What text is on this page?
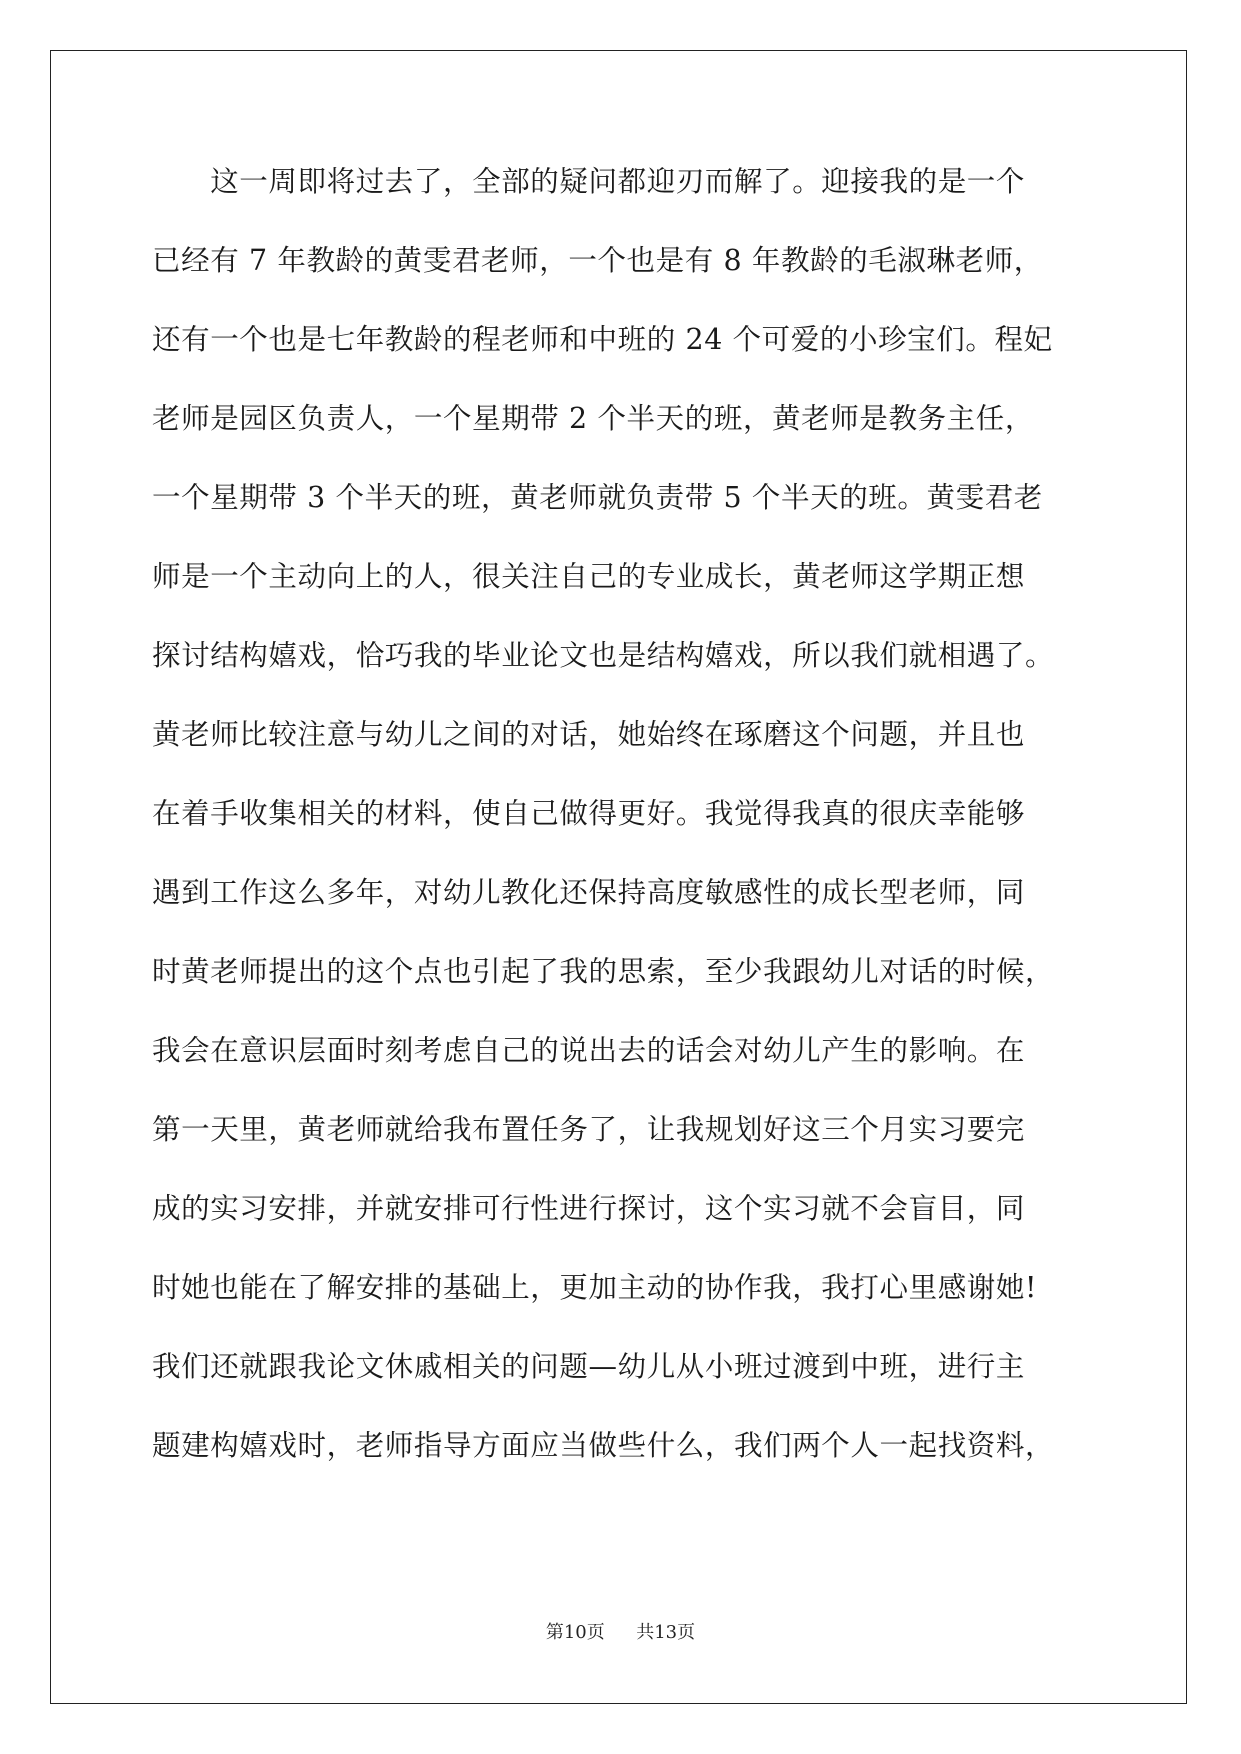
　　这一周即将过去了，全部的疑问都迎刃而解了。迎接我的是一个
已经有 7 年教龄的黄雯君老师，一个也是有 8 年教龄的毛淑琳老师，
还有一个也是七年教龄的程老师和中班的 24 个可爱的小珍宝们。程妃
老师是园区负责人，一个星期带 2 个半天的班，黄老师是教务主任，
一个星期带 3 个半天的班，黄老师就负责带 5 个半天的班。黄雯君老
师是一个主动向上的人，很关注自己的专业成长，黄老师这学期正想
探讨结构嬉戏，恰巧我的毕业论文也是结构嬉戏，所以我们就相遇了。
黄老师比较注意与幼儿之间的对话，她始终在琢磨这个问题，并且也
在着手收集相关的材料，使自己做得更好。我觉得我真的很庆幸能够
遇到工作这么多年，对幼儿教化还保持高度敏感性的成长型老师，同
时黄老师提出的这个点也引起了我的思索，至少我跟幼儿对话的时候，
我会在意识层面时刻考虑自己的说出去的话会对幼儿产生的影响。在
第一天里，黄老师就给我布置任务了，让我规划好这三个月实习要完
成的实习安排，并就安排可行性进行探讨，这个实习就不会盲目，同
时她也能在了解安排的基础上，更加主动的协作我，我打心里感谢她!
我们还就跟我论文休戚相关的问题—幼儿从小班过渡到中班，进行主
题建构嬉戏时，老师指导方面应当做些什么，我们两个人一起找资料，
第10页 共13页
